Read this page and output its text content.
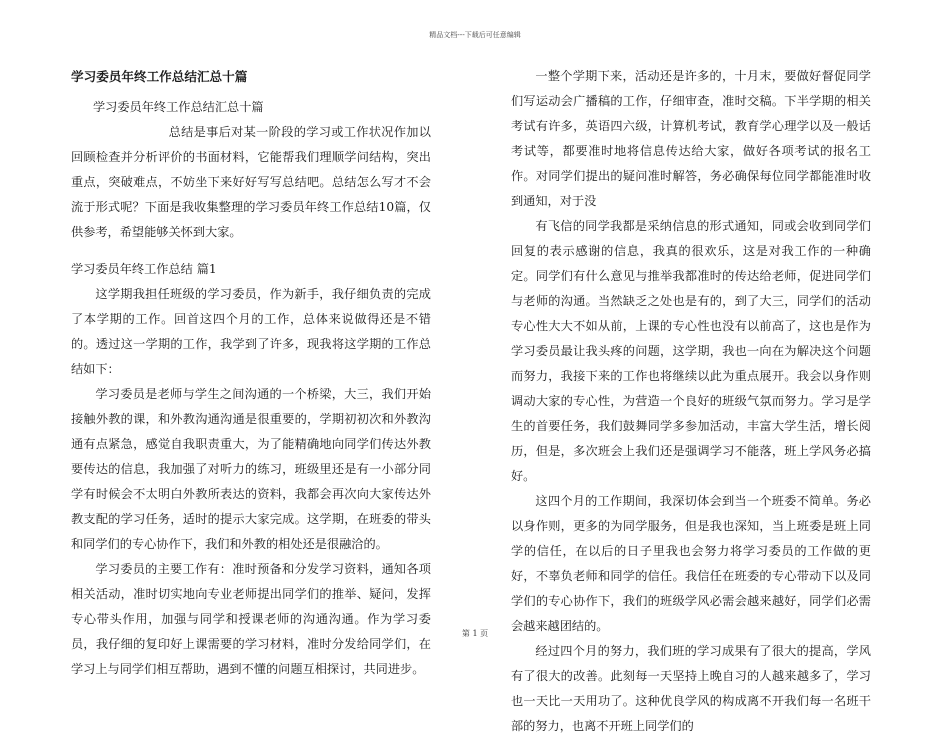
精品文档---下载后可任意编辑

学习委员年终工作总结汇总十篇

学习委员年终工作总结汇总十篇

总结是事后对某一阶段的学习或工作状况作加以回顾检查并分析评价的书面材料，它能帮我们理顺学问结构，突出重点，突破难点，不妨坐下来好好写写总结吧。总结怎么写才不会流于形式呢？下面是我收集整理的学习委员年终工作总结10篇，仅供参考，希望能够关怀到大家。

学习委员年终工作总结 篇1

这学期我担任班级的学习委员，作为新手，我仔细负责的完成了本学期的工作。回首这四个月的工作，总体来说做得还是不错的。透过这一学期的工作，我学到了许多，现我将这学期的工作总结如下：

学习委员是老师与学生之间沟通的一个桥梁，大三，我们开始接触外教的课，和外教沟通沟通是很重要的，学期初初次和外教沟通有点紧急，感觉自我职责重大，为了能精确地向同学们传达外教要传达的信息，我加强了对听力的练习，班级里还是有一小部分同学有时候会不太明白外教所表达的资料，我都会再次向大家传达外教支配的学习任务，适时的提示大家完成。这学期，在班委的带头和同学们的专心协作下，我们和外教的相处还是很融洽的。

学习委员的主要工作有：准时预备和分发学习资料，通知各项相关活动，准时切实地向专业老师提出同学们的推举、疑问，发挥专心带头作用，加强与同学和授课老师的沟通沟通。作为学习委员，我仔细的复印好上课需要的学习材料，准时分发给同学们，在学习上与同学们相互帮助，遇到不懂的问题互相探讨，共同进步。

一整个学期下来，活动还是许多的，十月末，要做好督促同学们写运动会广播稿的工作，仔细审查，准时交稿。下半学期的相关考试有许多，英语四六级，计算机考试，教育学心理学以及一般话考试等，都要准时地将信息传达给大家，做好各项考试的报名工作。对同学们提出的疑问准时解答，务必确保每位同学都能准时收到通知，对于没

有飞信的同学我都是采纳信息的形式通知，同或会收到同学们回复的表示感谢的信息，我真的很欢乐，这是对我工作的一种确定。同学们有什么意见与推举我都准时的传达给老师，促进同学们与老师的沟通。当然缺乏之处也是有的，到了大三，同学们的活动专心性大大不如从前，上课的专心性也没有以前高了，这也是作为学习委员最让我头疼的问题，这学期，我也一向在为解决这个问题而努力，我接下来的工作也将继续以此为重点展开。我会以身作则调动大家的专心性，为营造一个良好的班级气氛而努力。学习是学生的首要任务，我们鼓舞同学多参加活动，丰富大学生活，增长阅历，但是，多次班会上我们还是强调学习不能落，班上学风务必搞好。

这四个月的工作期间，我深切体会到当一个班委不简单。务必以身作则，更多的为同学服务，但是我也深知，当上班委是班上同学的信任，在以后的日子里我也会努力将学习委员的工作做的更好，不辜负老师和同学的信任。我信任在班委的专心带动下以及同学们的专心协作下，我们的班级学风必需会越来越好，同学们必需会越来越团结的。

经过四个月的努力，我们班的学习成果有了很大的提高，学风有了很大的改善。此刻每一天坚持上晚自习的人越来越多了，学习也一天比一天用功了。这种优良学风的构成离不开我们每一名班干部的努力，也离不开班上同学们的

第 1 页
